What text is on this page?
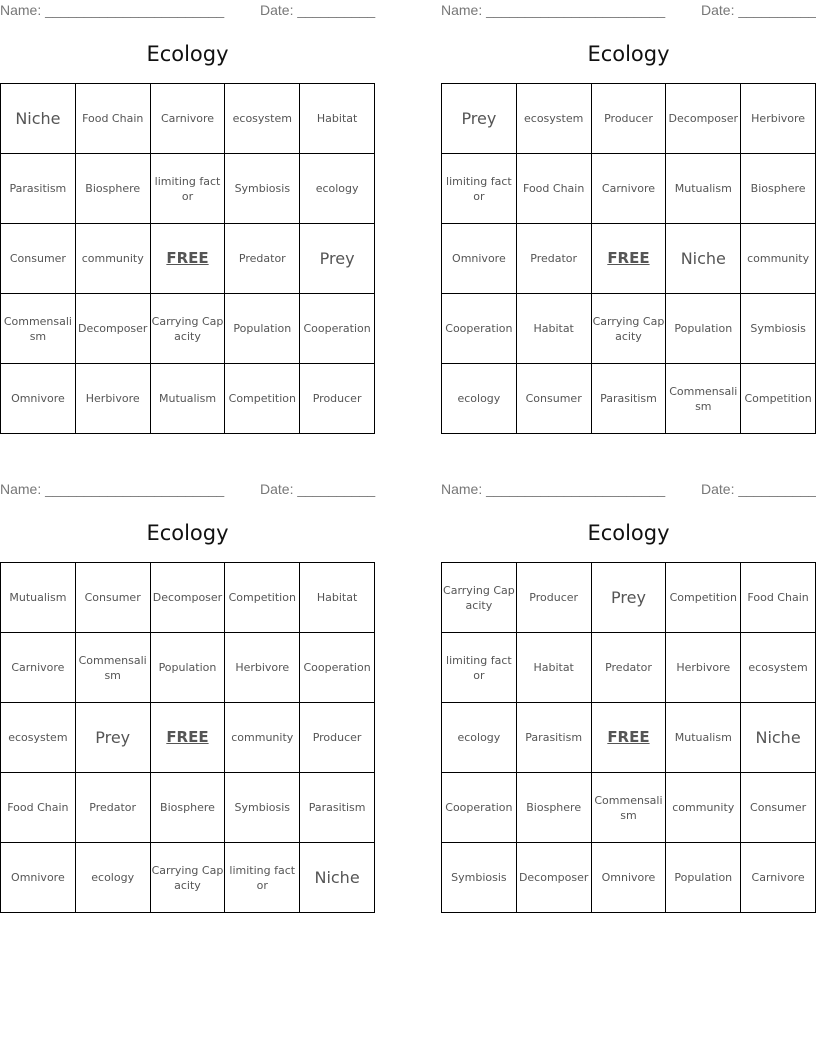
Name: _______________________	Date: __________
Ecology
Niche	Food Chain	Carnivore	ecosystem	Habitat
Parasitism	Biosphere	limiting factor	Symbiosis	ecology
Consumer	community	FREE	Predator	Prey
Commensalism	Decomposer	Carrying Capacity	Population	Cooperation
Omnivore	Herbivore	Mutualism	Competition	Producer
Name: _______________________	Date: __________
Ecology
Prey	ecosystem	Producer	Decomposer	Herbivore
limiting factor	Food Chain	Carnivore	Mutualism	Biosphere
Omnivore	Predator	FREE	Niche	community
Cooperation	Habitat	Carrying Capacity	Population	Symbiosis
ecology	Consumer	Parasitism	Commensalism	Competition
Name: _______________________	Date: __________
Ecology
Mutualism	Consumer	Decomposer	Competition	Habitat
Carnivore	Commensalism	Population	Herbivore	Cooperation
ecosystem	Prey	FREE	community	Producer
Food Chain	Predator	Biosphere	Symbiosis	Parasitism
Omnivore	ecology	Carrying Capacity	limiting factor	Niche
Name: _______________________	Date: __________
Ecology
Carrying Capacity	Producer	Prey	Competition	Food Chain
limiting factor	Habitat	Predator	Herbivore	ecosystem
ecology	Parasitism	FREE	Mutualism	Niche
Cooperation	Biosphere	Commensalism	community	Consumer
Symbiosis	Decomposer	Omnivore	Population	Carnivore
